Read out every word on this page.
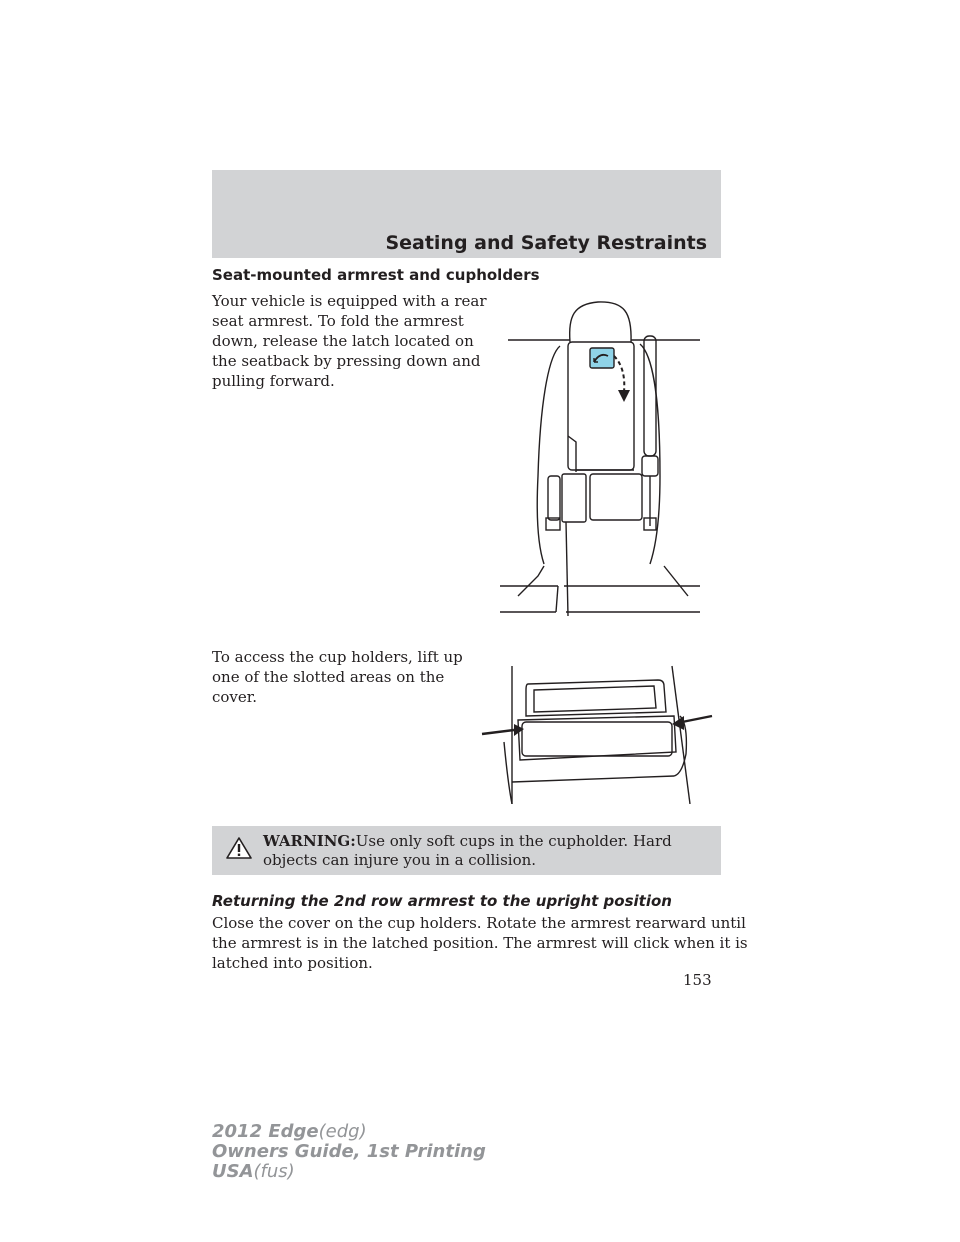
Seating and Safety Restraints
Seat-mounted armrest and cupholders
Your vehicle is equipped with a rear
seat armrest. To fold the armrest
down, release the latch located on
the seatback by pressing down and
pulling forward.
To access the cup holders, lift up
one of the slotted areas on the
cover.
WARNING:Use only soft cups in the cupholder. Hard objects can injure you in a collision.
Returning the 2nd row armrest to the upright position
Close the cover on the cup holders. Rotate the armrest rearward until
the armrest is in the latched position. The armrest will click when it is
latched into position.
153
2012 Edge(edg)
Owners Guide, 1st Printing
USA(fus)
